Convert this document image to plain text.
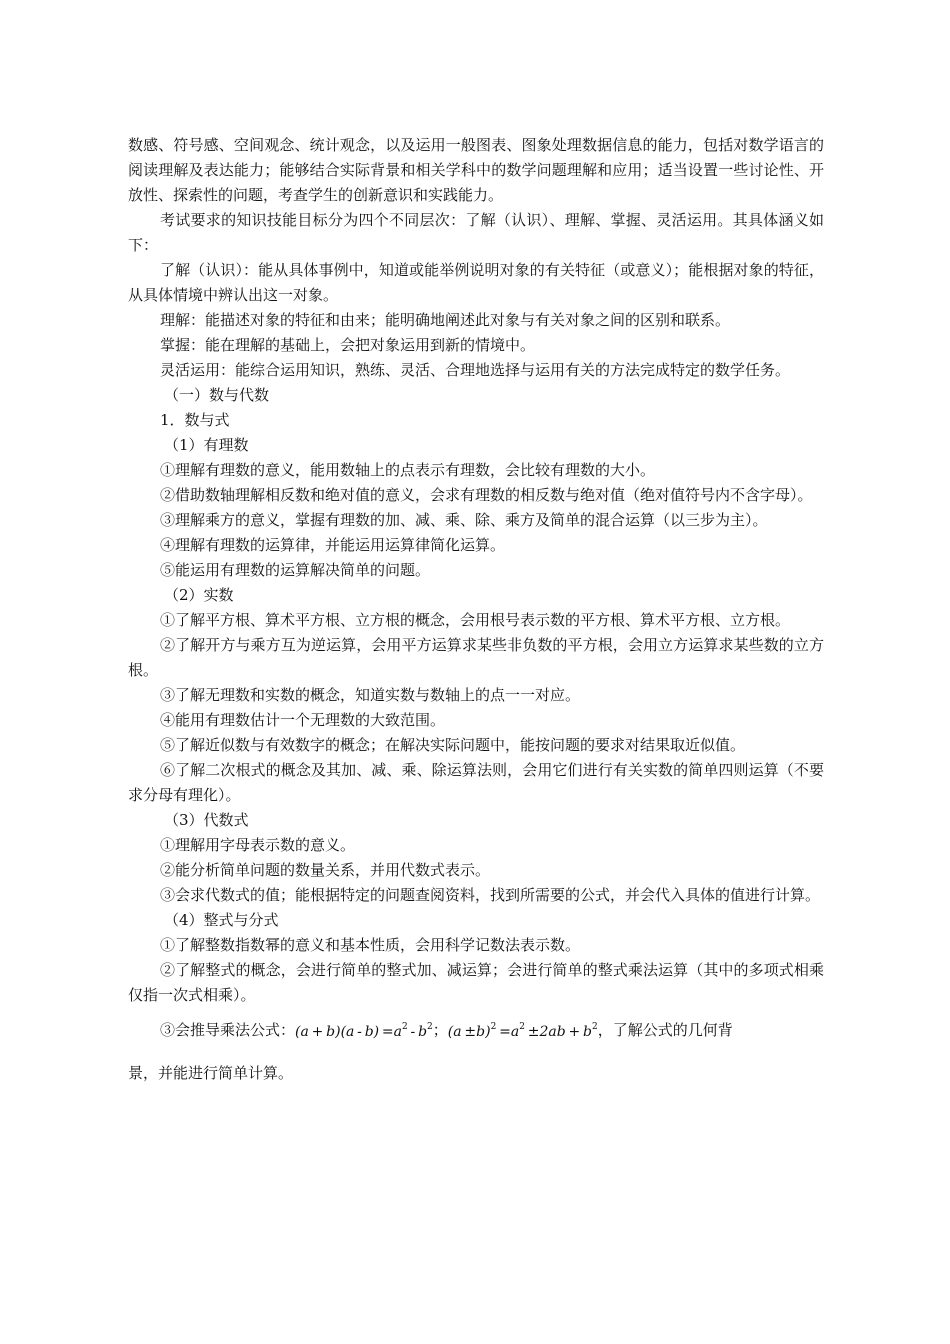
数感、符号感、空间观念、统计观念，以及运用一般图表、图象处理数据信息的能力，包括对数学语言的阅读理解及表达能力；能够结合实际背景和相关学科中的数学问题理解和应用；适当设置一些讨论性、开放性、探索性的问题，考查学生的创新意识和实践能力。

考试要求的知识技能目标分为四个不同层次：了解（认识）、理解、掌握、灵活运用。其具体涵义如下：

了解（认识）：能从具体事例中，知道或能举例说明对象的有关特征（或意义）；能根据对象的特征，从具体情境中辨认出这一对象。

理解：能描述对象的特征和由来；能明确地阐述此对象与有关对象之间的区别和联系。

掌握：能在理解的基础上，会把对象运用到新的情境中。

灵活运用：能综合运用知识，熟练、灵活、合理地选择与运用有关的方法完成特定的数学任务。

（一）数与代数

1．数与式

（1）有理数

①理解有理数的意义，能用数轴上的点表示有理数，会比较有理数的大小。

②借助数轴理解相反数和绝对值的意义，会求有理数的相反数与绝对值（绝对值符号内不含字母）。

③理解乘方的意义，掌握有理数的加、减、乘、除、乘方及简单的混合运算（以三步为主）。

④理解有理数的运算律，并能运用运算律简化运算。

⑤能运用有理数的运算解决简单的问题。

（2）实数

①了解平方根、算术平方根、立方根的概念，会用根号表示数的平方根、算术平方根、立方根。

②了解开方与乘方互为逆运算，会用平方运算求某些非负数的平方根，会用立方运算求某些数的立方根。

③了解无理数和实数的概念，知道实数与数轴上的点一一对应。

④能用有理数估计一个无理数的大致范围。

⑤了解近似数与有效数字的概念；在解决实际问题中，能按问题的要求对结果取近似值。

⑥了解二次根式的概念及其加、减、乘、除运算法则，会用它们进行有关实数的简单四则运算（不要求分母有理化）。

（3）代数式

①理解用字母表示数的意义。

②能分析简单问题的数量关系，并用代数式表示。

③会求代数式的值；能根据特定的问题查阅资料，找到所需要的公式，并会代入具体的值进行计算。

（4）整式与分式

①了解整数指数幂的意义和基本性质，会用科学记数法表示数。

②了解整式的概念，会进行简单的整式加、减运算；会进行简单的整式乘法运算（其中的多项式相乘仅指一次式相乘）。

③会推导乘法公式： $(a + b)(a - b) =a^2 - b^2$ ； $(a \pm b)^2 =a^2 \pm 2ab + b^2$ ，了解公式的几何背

景，并能进行简单计算。
